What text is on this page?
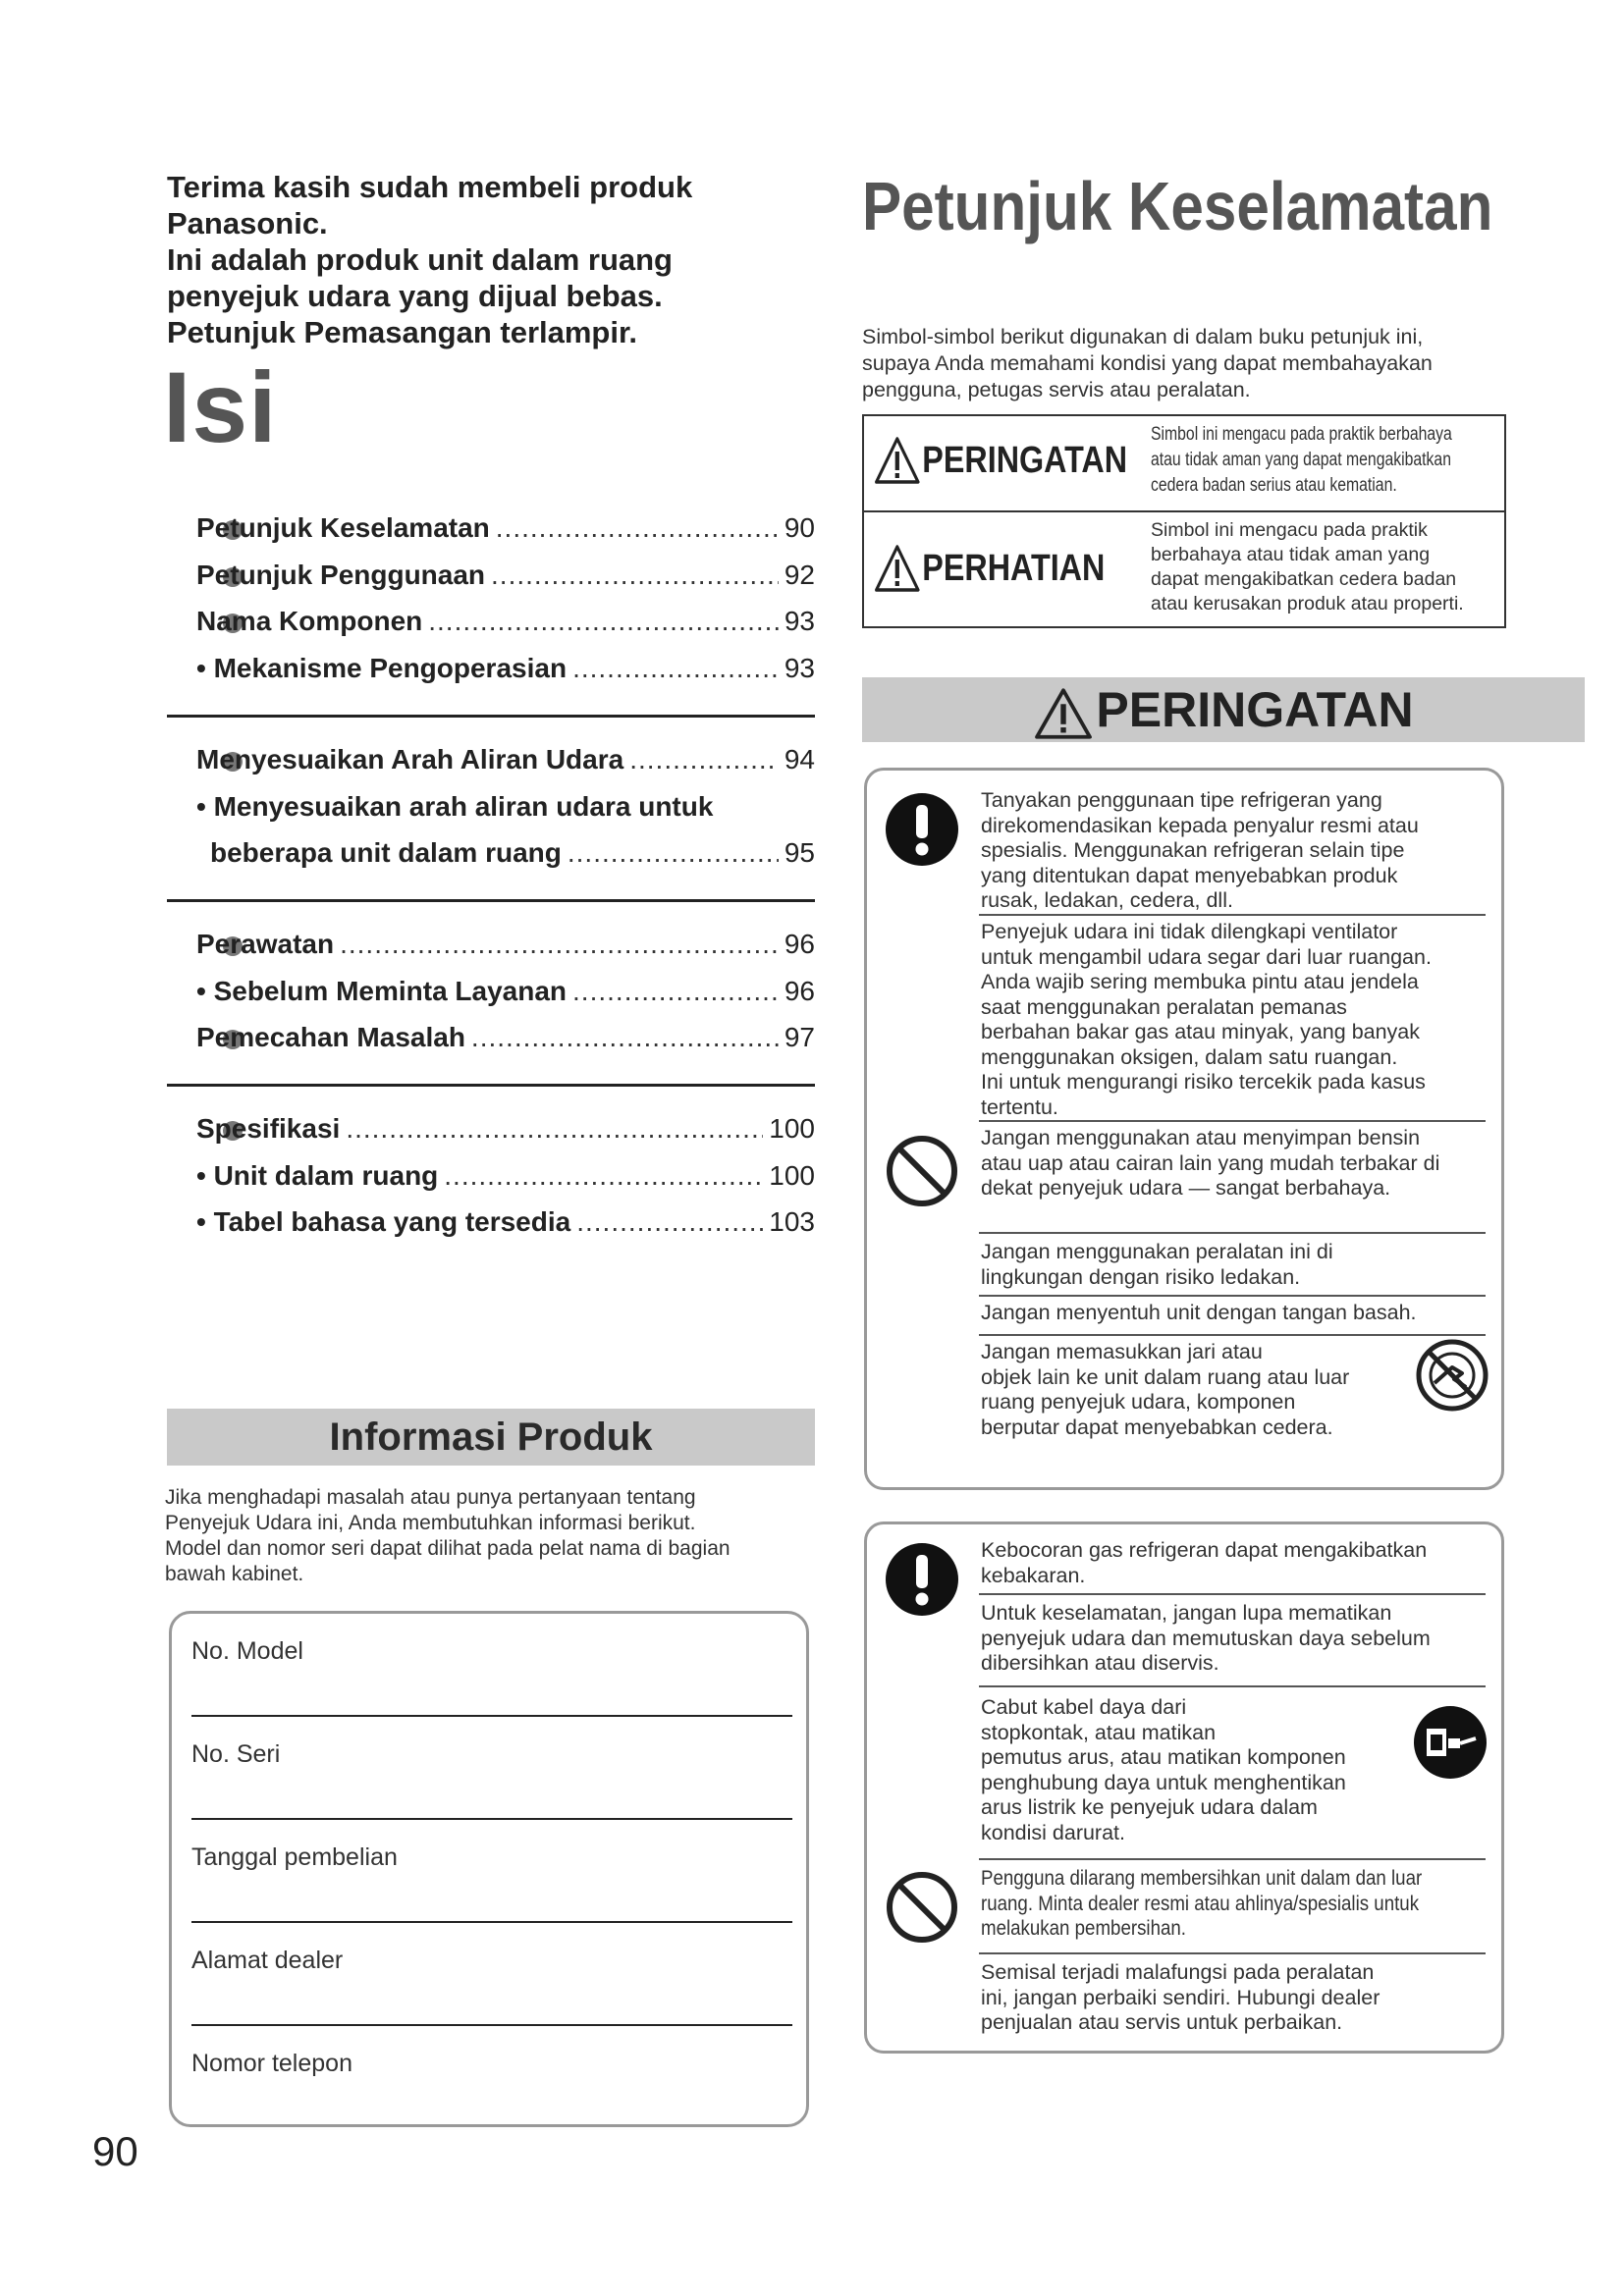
Terima kasih sudah membeli produk
Panasonic.
Ini adalah produk unit dalam ruang
penyejuk udara yang dijual bebas.
Petunjuk Pemasangan terlampir.
Isi
Petunjuk Keselamatan .....	90
Petunjuk Penggunaan .....	92
Nama Komponen .....	93
• Mekanisme Pengoperasian .....	93
Menyesuaikan Arah Aliran Udara .....	94
• Menyesuaikan arah aliran udara untuk
beberapa unit dalam ruang .....	95
Perawatan .....	96
• Sebelum Meminta Layanan .....	96
Pemecahan Masalah .....	97
Spesifikasi .....	100
• Unit dalam ruang .....	100
• Tabel bahasa yang tersedia .....	103
Informasi Produk
Jika menghadapi masalah atau punya pertanyaan tentang
Penyejuk Udara ini, Anda membutuhkan informasi berikut.
Model dan nomor seri dapat dilihat pada pelat nama di bagian
bawah kabinet.
No. Model
No. Seri
Tanggal pembelian
Alamat dealer
Nomor telepon
90
Petunjuk Keselamatan
Simbol-simbol berikut digunakan di dalam buku petunjuk ini,
supaya Anda memahami kondisi yang dapat membahayakan
pengguna, petugas servis atau peralatan.
PERINGATAN
Simbol ini mengacu pada praktik berbahaya
atau tidak aman yang dapat mengakibatkan
cedera badan serius atau kematian.
PERHATIAN
Simbol ini mengacu pada praktik
berbahaya atau tidak aman yang
dapat mengakibatkan cedera badan
atau kerusakan produk atau properti.
PERINGATAN
Tanyakan penggunaan tipe refrigeran yang
direkomendasikan kepada penyalur resmi atau
spesialis. Menggunakan refrigeran selain tipe
yang ditentukan dapat menyebabkan produk
rusak, ledakan, cedera, dll.
Penyejuk udara ini tidak dilengkapi ventilator
untuk mengambil udara segar dari luar ruangan.
Anda wajib sering membuka pintu atau jendela
saat menggunakan peralatan pemanas
berbahan bakar gas atau minyak, yang banyak
menggunakan oksigen, dalam satu ruangan.
Ini untuk mengurangi risiko tercekik pada kasus
tertentu.
Jangan menggunakan atau menyimpan bensin
atau uap atau cairan lain yang mudah terbakar di
dekat penyejuk udara — sangat berbahaya.
Jangan menggunakan peralatan ini di
lingkungan dengan risiko ledakan.
Jangan menyentuh unit dengan tangan basah.
Jangan memasukkan jari atau
objek lain ke unit dalam ruang atau luar
ruang penyejuk udara, komponen
berputar dapat menyebabkan cedera.
Kebocoran gas refrigeran dapat mengakibatkan
kebakaran.
Untuk keselamatan, jangan lupa mematikan
penyejuk udara dan memutuskan daya sebelum
dibersihkan atau diservis.
Cabut kabel daya dari
stopkontak, atau matikan
pemutus arus, atau matikan komponen
penghubung daya untuk menghentikan
arus listrik ke penyejuk udara dalam
kondisi darurat.
Pengguna dilarang membersihkan unit dalam dan luar
ruang. Minta dealer resmi atau ahlinya/spesialis untuk
melakukan pembersihan.
Semisal terjadi malafungsi pada peralatan
ini, jangan perbaiki sendiri. Hubungi dealer
penjualan atau servis untuk perbaikan.
